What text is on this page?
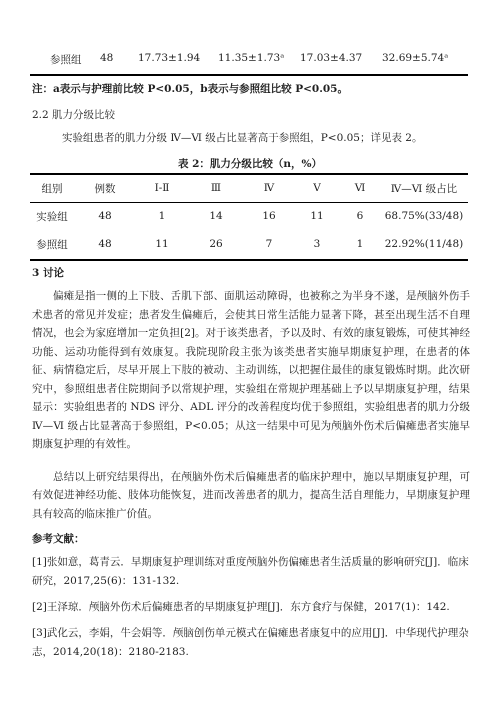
参照组 48 17.73±1.94 11.35±1.73ᵃ 17.03±4.37 32.69±5.74ᵃ
注：a表示与护理前比较 P<0.05，b表示与参照组比较 P<0.05。
2.2 肌力分级比较
实验组患者的肌力分级 Ⅳ—Ⅵ 级占比显著高于参照组，P<0.05；详见表 2。
表 2：肌力分级比较（n，%）
组别	例数	Ⅰ-Ⅱ	Ⅲ	Ⅳ	Ⅴ	Ⅵ	Ⅳ—Ⅵ 级占比
实验组	48	1	14	16	11	6	68.75%(33/48)
参照组	48	11	26	7	3	1	22.92%(11/48)
3 讨论

偏瘫是指一侧的上下肢、舌肌下部、面肌运动障碍，也被称之为半身不遂，是颅脑外伤手术患者的常见并发症；患者发生偏瘫后，会使其日常生活能力显著下降，甚至出现生活不自理情况，也会为家庭增加一定负担[2]。对于该类患者，予以及时、有效的康复锻炼，可使其神经功能、运动功能得到有效康复。我院现阶段主张为该类患者实施早期康复护理，在患者的体征、病情稳定后，尽早开展上下肢的被动、主动训练，以把握住最佳的康复锻炼时期。此次研究中，参照组患者住院期间予以常规护理，实验组在常规护理基础上予以早期康复护理，结果显示：实验组患者的 NDS 评分、ADL 评分的改善程度均优于参照组，实验组患者的肌力分级 Ⅳ—Ⅵ 级占比显著高于参照组，P<0.05；从这一结果中可见为颅脑外伤术后偏瘫患者实施早期康复护理的有效性。

总结以上研究结果得出，在颅脑外伤术后偏瘫患者的临床护理中，施以早期康复护理，可有效促进神经功能、肢体功能恢复，进而改善患者的肌力，提高生活自理能力，早期康复护理具有较高的临床推广价值。

参考文献：
[1]张如意，葛青云．早期康复护理训练对重度颅脑外伤偏瘫患者生活质量的影响研究[J]．临床研究，2017,25(6)：131-132.
[2]王泽琼．颅脑外伤术后偏瘫患者的早期康复护理[J]．东方食疗与保健，2017(1)：142.
[3]武化云，李娟，牛会娟等．颅脑创伤单元模式在偏瘫患者康复中的应用[J]．中华现代护理杂志，2014,20(18)：2180-2183.
